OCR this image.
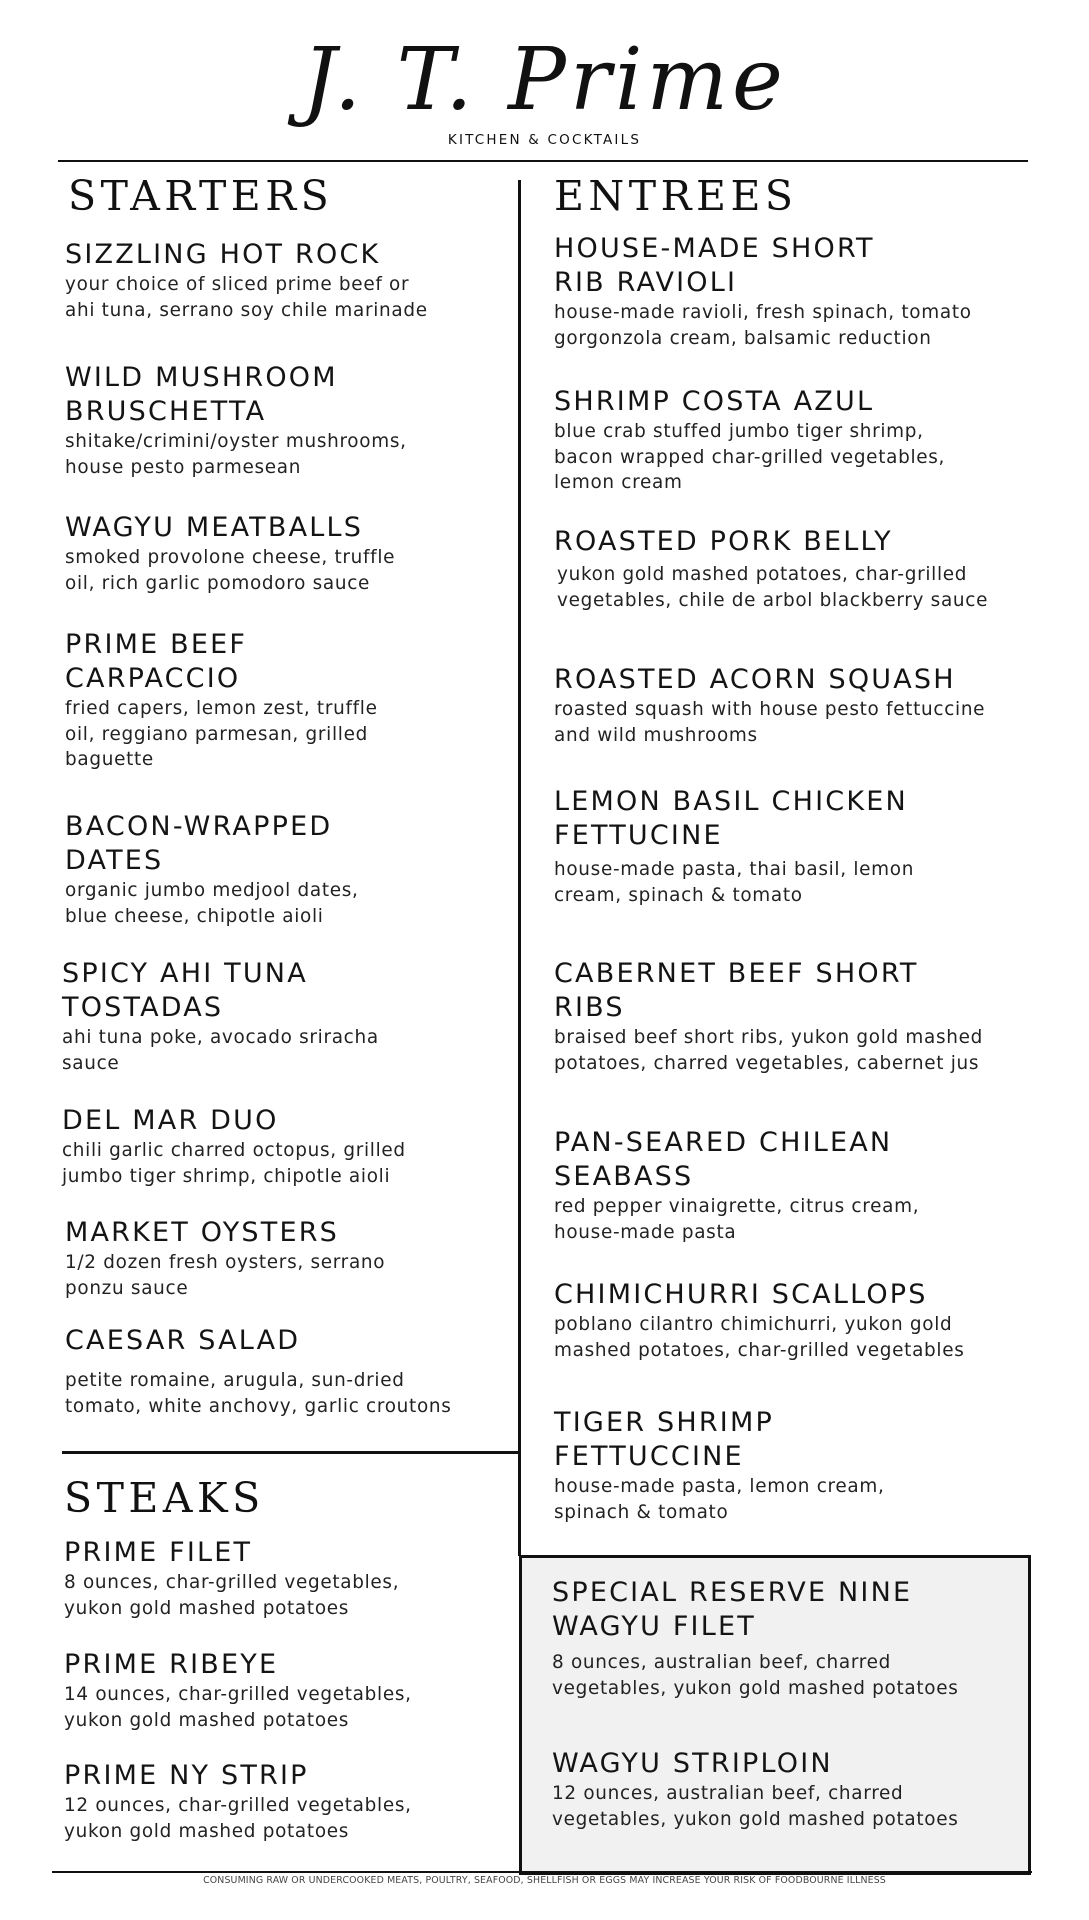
J. T. Prime
KITCHEN & COCKTAILS
STARTERS
SIZZLING HOT ROCK
your choice of sliced prime beef or
ahi tuna, serrano soy chile marinade
WILD MUSHROOM
BRUSCHETTA
shitake/crimini/oyster mushrooms,
house pesto parmesean
WAGYU MEATBALLS
smoked provolone cheese, truffle
oil, rich garlic pomodoro sauce
PRIME BEEF
CARPACCIO
fried capers, lemon zest, truffle
oil, reggiano parmesan, grilled
baguette
BACON-WRAPPED
DATES
organic jumbo medjool dates,
blue cheese, chipotle aioli
SPICY AHI TUNA
TOSTADAS
ahi tuna poke, avocado sriracha
sauce
DEL MAR DUO
chili garlic charred octopus, grilled
jumbo tiger shrimp, chipotle aioli
MARKET OYSTERS
1/2 dozen fresh oysters, serrano
ponzu sauce
CAESAR SALAD
petite romaine, arugula, sun-dried
tomato, white anchovy, garlic croutons
STEAKS
PRIME FILET
8 ounces, char-grilled vegetables,
yukon gold mashed potatoes
PRIME RIBEYE
14 ounces, char-grilled vegetables,
yukon gold mashed potatoes
PRIME NY STRIP
12 ounces, char-grilled vegetables,
yukon gold mashed potatoes
ENTREES
HOUSE-MADE SHORT
RIB RAVIOLI
house-made ravioli, fresh spinach, tomato
gorgonzola cream, balsamic reduction
SHRIMP COSTA AZUL
blue crab stuffed jumbo tiger shrimp,
bacon wrapped char-grilled vegetables,
lemon cream
ROASTED PORK BELLY
yukon gold mashed potatoes, char-grilled
vegetables, chile de arbol blackberry sauce
ROASTED ACORN SQUASH
roasted squash with house pesto fettuccine
and wild mushrooms
LEMON BASIL CHICKEN
FETTUCINE
house-made pasta, thai basil, lemon
cream, spinach & tomato
CABERNET BEEF SHORT
RIBS
braised beef short ribs, yukon gold mashed
potatoes, charred vegetables, cabernet jus
PAN-SEARED CHILEAN
SEABASS
red pepper vinaigrette, citrus cream,
house-made pasta
CHIMICHURRI SCALLOPS
poblano cilantro chimichurri, yukon gold
mashed potatoes, char-grilled vegetables
TIGER SHRIMP
FETTUCCINE
house-made pasta, lemon cream,
spinach & tomato
SPECIAL RESERVE NINE
WAGYU FILET
8 ounces, australian beef, charred
vegetables, yukon gold mashed potatoes
WAGYU STRIPLOIN
12 ounces, australian beef, charred
vegetables, yukon gold mashed potatoes
CONSUMING RAW OR UNDERCOOKED MEATS, POULTRY, SEAFOOD, SHELLFISH OR EGGS MAY INCREASE YOUR RISK OF FOODBOURNE ILLNESS
